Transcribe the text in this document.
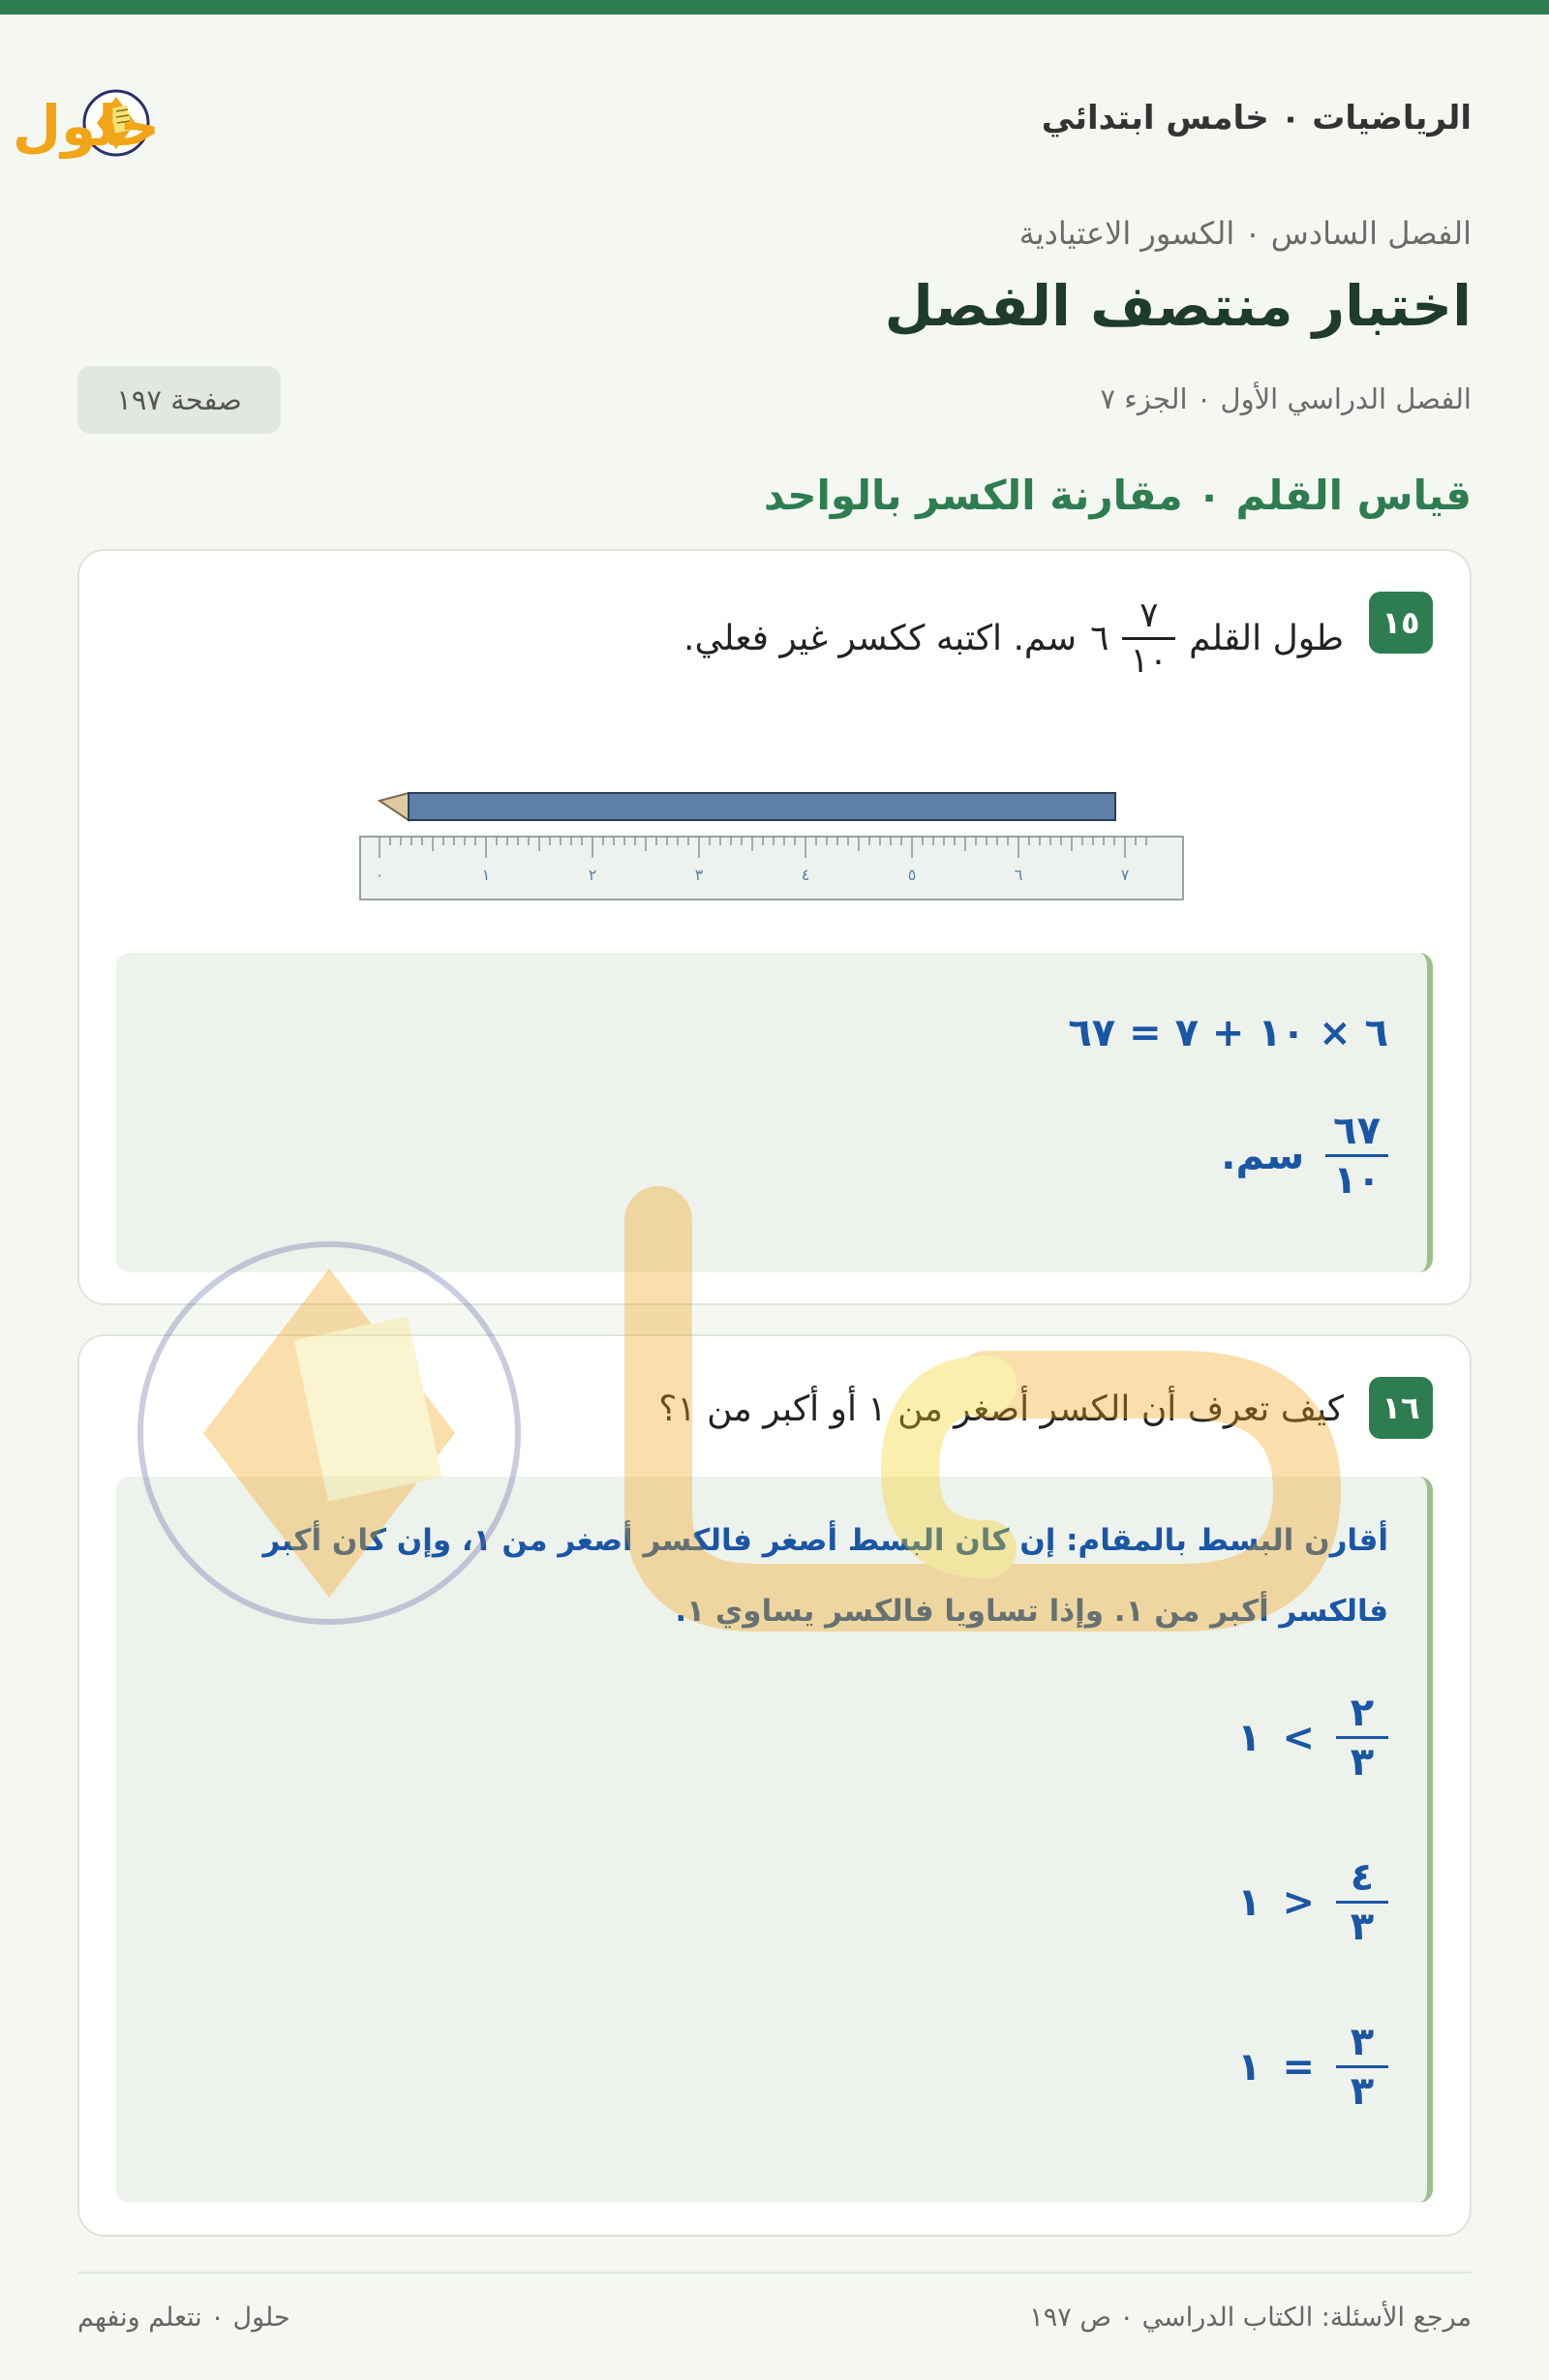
الرياضيات ٠ خامس ابتدائي
حلول
الفصل السادس ٠ الكسور الاعتيادية
اختبار منتصف الفصل
الفصل الدراسي الأول ٠ الجزء ٧
صفحة ١٩٧
قياس القلم ٠ مقارنة الكسر بالواحد
١٥
طول القلم
$\frac{٧}{١٠}$
٦
سم. اكتبه ككسر غير فعلي.
٠	١	٢	٣	٤	٥	٦	٧
٦ × ١٠ + ٧ = ٦٧
$\frac{٦٧}{١٠}$
سم.
١٦
كيف تعرف أن الكسر أصغر من ١ أو أكبر من ١؟
أقارن البسط بالمقام: إن كان البسط أصغر فالكسر أصغر من ١، وإن كان أكبر فالكسر أكبر من ١. وإذا تساويا فالكسر يساوي ١.
$\frac{٢}{٣}$
>
١
$\frac{٤}{٣}$
<
١
$\frac{٣}{٣}$
=
١
مرجع الأسئلة: الكتاب الدراسي ٠ ص ١٩٧
حلول ٠ نتعلم ونفهم
